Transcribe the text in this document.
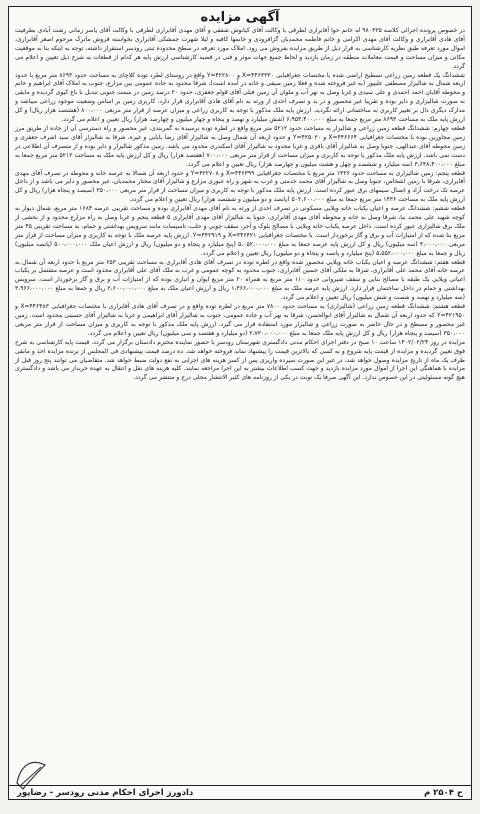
آگهی مزایده

در خصوص پرونده اجرائی کلاسه ۹۸۰۳۳۵ له خانم حوا آقابراری لطرقی با وکالت آقای کیانوش شفقی و آقای مهدی آقابراری لطرقی با وکالت آقای یاسر زمانی رشت آبادی بطرفیت آقای هادی آقابراری و وکالت آقای مهدی اکرامی و خانم فاطمه محمدیان گزافرودی و خانمها کافیه و لیلا شهرت جمشکی آقابراری بخواسته فروش ماترک مرحوم اصغر آقابراری، اموال مورد تعرفه طبق نظریه کارشناسی به قرار ذیل از طریق مزایده بفروش می رود. املاک مورد تعرفه در سطح محدوده ثبتی رودسر استقرار داشته، توجه به اینکه بنا به موقعیت مکانی و میزان مساحت و قیمت معاملات منطقه در زمان بازدید و لحاظ جمیع جهات موثر و فنی در قضیه کارشناسی ارزش پایه هر کدام از قطعات به شرح ذیل تعیین و اعلام می گردد.

ششدانگ یک قطعه زمین زراعی تسطیح اراضی شده با مختصات جغرافیایی X=۴۴۶۳۳۳۰ و Y=۴۲۲۸۰۰ واقع در روستای لطرد توده کلاچای به مساحت حدود ۸۶۹۳ متر مربع با حدود اربعه شمال به شالیزار مصطفی علیپور (به غیر فروخته شده و فعلا زمین صیفی و خانه در آمده است)، شرقا محدود به جاده عمومی بین مزارع، جنوب به املاک آقای ابراهیم و خانم و محوطه آقایان احمد احمدی و علی سیدی و غربا وصل به نهر آب و ملوان آن زمین قبلی آقای قوام جعفری، حدود ۲۰ درصد زمین در سمت جنوبی تبدیل با باغ کیوی گردیده و مابقی به صورت شالیزاری و دایر بوده و تقریبا غیر محصور و در ید و تصرف احدی از ورثه به نام آقای هادی آقابراری قرار دارد. کاربری زمین بر اساس وضعیت موجود زراعی میباشد و مدارک دیگری دال بر تغییر کاربری به ساختمانی ارائه نگردید. ارزش پایه ملک مذکور با توجه به کاربری زراعی و میزان عرصه از قرار متر مربعی ۸۰۰،۰۰۰ (هشتصد هزار ریال) و کل ارزش پایه ملک به مساحت ۸۶۹۳ متر مربع جمعا به مبلغ ۶،۹۵۴،۴۰۰،۰۰۰ (شش میلیارد و نهصد و پنجاه و چهار میلیون و چهارصد هزار) ریال تعیین و اعلام می گردد.

قطعه چهارم: ششدانگ قطعه زمین زراعی و شالیزار به مساحت حدود ۵۲۱۲ متر مربع واقع در لطره توده نرسیده به گمربندی، غیر محصور و راه دسترسی آن از جاده از طریق مرز زمین مجاورین بوده با مختصات جغرافیایی X=۴۴۶۶۶۴ و Y=۴۲۵۰۲۰ و حدود اربعه آن شمال وصل به شالیزار آقای رضا بابایی و غیره، شرقا به شالیزار آقای سید اشرف جعفری و زمین محوطه آقای عبدالهی، جنوبا وصل به شالیزار آقای باقری و غربا محدود به شالیزار آقای اسکندری محدود می باشد. زمین مذکور شالیزار و دایر بوده و از متصرف آن اطلاعی در دست نمی باشد. ارزش پایه ملک مذکور با توجه به کاربری و میزان مساحت از قرار متر مربعی ۷۰۰،۰۰۰ (هفتصد هزار) ریال و کل ارزش پایه ملک به مساحت ۵۲۱۲ متر مربع جمعا به مبلغ ۳،۶۴۸،۴۰۰،۰۰۰ (سه میلیارد و ششصد و چهل و هشت میلیون و چهارصد هزار) ریال تعیین و اعلام می گردد.

قطعه پنجم: زمین شالیزاری به مساحت حدود ۱۴۳۶ متر مربع با مختصات جغرافیایی X=۴۴۶۳۹۹ و Y=۴۲۲۷۰۸ و حدود اربعه آن شمالا به عرصه خانه و محوطه در تصرف آقای مهدی آقابراری، شرقا با زمین اشخاص، جنوبا وصل به شالیزار آقای محمد خدمتی و غرب به شهر و راه عبوری مزارع و شالیزار آقای مختار محمدیان، غیر محصور و دایر می باشد و از داخل عرصه تک درخت آزاد و اتصال سیمهای برق عبور کرده است. ارزش پایه ملک مذکور با توجه به کاربری و میزان مساحت از قرار متر مربعی ۳۵۰،۰۰۰ (سیصد و پنجاه هزار) ریال و کل ارزش پایه ملک به مساحت ۱۴۳۶ متر مربع جمعا به مبلغ ۵۰۲،۶۰۰،۰۰۰ (پانصد و دو میلیون و ششصد هزار) ریال تعیین و اعلام می گردد.

قطعه ششم: ششدانگ عرصه و اعیان یکباب خانه ویلایی مسکونی در تصرف احدی از ورثه به نام آقای مهدی آقابراری بوده و مساحت تقریبی عرصه ۱۶۸۴ متر مربع، شمال دیوار به کوچه شهید علی محمد نیا، شرقا وصل به خانه و محوطه آقای مهدی آقابراری، جنوبا به شالیزار آقای مهدی آقابراری ۵ قطعه پنجم و غربا وصل به راه مزارع محدود و از بخشی از ملک برق شالیزاری عبور کرده است. داخل عرصه یکباب خانه ویلایی با مصالح بلوک و آجر، سقف چوبی و حلب، تاسیسات مانند سرویس بهداشتی و حمام، به مساحت تقریبی ۴۵ متر مربع بنا شده که از امتیازات آب و برق و گاز برخوردار است. با مختصات جغرافیایی X=۴۴۶۴۲۱ و Y=۴۴۲۹۱۹. ارزش پایه عرصه ملک با توجه به کاربری و میزان مساحت از قرار متر مربعی ۳،۰۰۰،۰۰۰ (سه میلیون) ریال و کل ارزش پایه عرصه جمعا به مبلغ ۵،۰۵۲،۰۰۰،۰۰۰ (پنج میلیارد و پنجاه و دو میلیون) ریال و ارزش اعیان ملک ۵۰۰،۰۰۰،۰۰۰ (پانصد میلیون) ریال و جمعا به مبلغ ۵،۵۵۲،۰۰۰،۰۰۰ (پنج میلیارد و پانصد و پنجاه و دو میلیون) ریال تعیین و اعلام می گردد.

قطعه هفتم: ششدانگ عرصه و اعیان یکباب خانه ویلایی محصور شده واقع در لطره توده در تصرف آقای هادی آقابراری به مساحت تقریبی ۶۵۳ متر مربع با حدود اربعه آن شمال به عرصه خانه آقای محمد علی آقابراری، شرقا به ملکی آقای حسین آقابراری، جنوب محدود به کوچه عمومی و غرب به ملک آقای علی آقابراری محدود است و عرصه مشتمل بر یکباب اعیانی ویلایی یک طبقه با مصالح بنایی و سقف شیروانی حدود ۱۱۰ متر مربع به همراه ۲۰ متر مربع ایوان و انباری بوده که از امتیازات آب و برق و گاز برخوردار است. سرویس بهداشتی و حمام در داخل ساختمان قرار دارد. ارزش پایه عرصه ملک به مبلغ ۱،۳۶۶،۰۰۰،۰۰۰ ریال و ارزش اعیان ملک به مبلغ ۲،۶۰۰،۰۰۰،۰۰۰ ریال و جمعا به مبلغ ۳،۹۶۶،۰۰۰،۰۰۰ (سه میلیارد و نهصد و شصت و شش میلیون) ریال تعیین و اعلام می گردد.

قطعه هشتم: ششدانگ قطعه زمین زراعی (شالیزاری) به مساحت حدود ۷۸۰۰ متر مربع در لطره توده واقع و در تصرف آقای هادی آقابراری با مختصات جغرافیایی X=۴۴۶۴۸۳ و Y=۴۲۱۹۵۰ که حدود اربعه آن شمال به شالیزار آقای ابوالحسن، شرقا به نهر آب و جاده عمومی، جنوب به شالیزار آقای ابراهیمی و غربا به شالیزار آقای حسینی محدود است. زمین غیر محصور و مسطح و در حال حاضر به صورت زراعی و شالیزار مورد استفاده قرار می گیرد. ارزش پایه ملک مذکور با توجه به کاربری و میزان مساحت از قرار متر مربعی ۳۵۰،۰۰۰ (سیصد و پنجاه هزار) ریال و کل ارزش پایه ملک جمعا به مبلغ ۲،۷۳۰،۰۰۰،۰۰۰ (دو میلیارد و هفتصد و سی میلیون) ریال تعیین و اعلام می گردد.

مزایده در روز ۱۴۰۲/۰۲/۲۴ ساعت ۱۰ صبح در دفتر اجرای احکام مدنی دادگستری شهرستان رودسر با حضور نماینده محترم دادستان برگزار می گردد. قیمت پایه کارشناسی به شرح فوق تعیین گردیده و مزایده از قیمت پایه شروع و به کسی که بالاترین قیمت را پیشنهاد نماید فروخته خواهد شد. ده درصد قیمت پیشنهادی فی المجلس از برنده مزایده اخذ و مابقی ظرف یک ماه از تاریخ مزایده وصول خواهد شد، در غیر این صورت سپرده واریزی پس از کسر هزینه های اجرایی به نفع دولت ضبط خواهد شد. متقاضیان می توانند پنج روز قبل از مزایده با هماهنگی این اجرا از اموال مورد مزایده بازدید و جهت کسب اطلاعات بیشتر به این اجرا مراجعه نمایند. کلیه هزینه های نقل و انتقال به عهده خریدار می باشد و دادگستری هیچ گونه مسئولیتی در این خصوص ندارد. این آگهی صرفا یک نوبت در یکی از روزنامه های کثیر الانتشار محلی درج و منتشر می گردد.

ح ۲۵۰۴ م
دادورز اجرای احکام مدنی رودسر - رضاپور
